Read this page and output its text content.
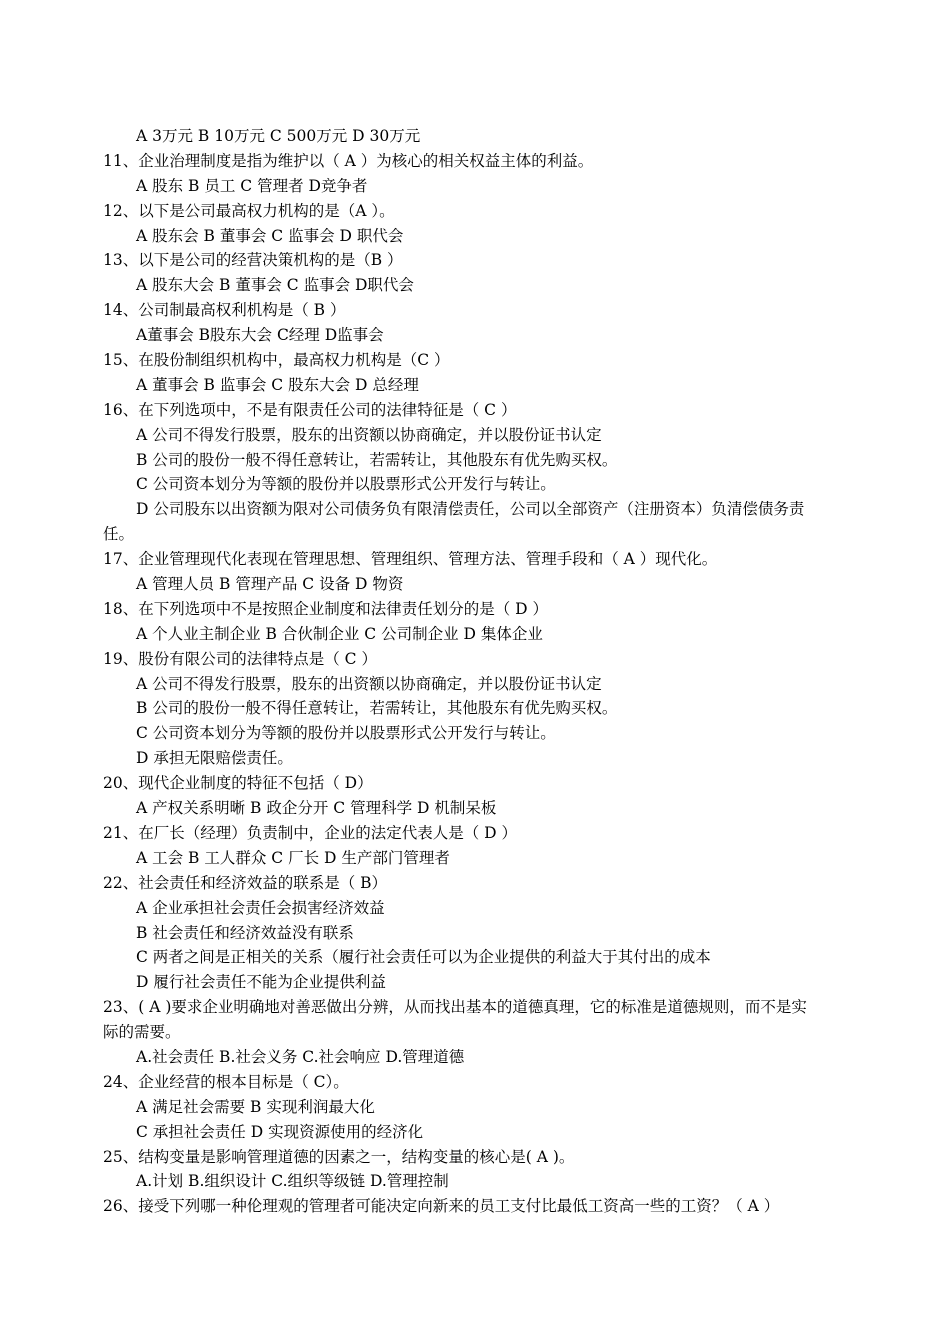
A 3万元 B 10万元 C 500万元 D 30万元
11、企业治理制度是指为维护以（ A ）为核心的相关权益主体的利益。
A 股东 B 员工 C 管理者 D竞争者
12、以下是公司最高权力机构的是（A ）。
A 股东会 B 董事会 C 监事会 D 职代会
13、以下是公司的经营决策机构的是（B ）
A 股东大会 B 董事会 C 监事会 D职代会
14、公司制最高权利机构是（ B ）
A董事会 B股东大会 C经理 D监事会
15、在股份制组织机构中，最高权力机构是（C ）
A 董事会 B 监事会 C 股东大会 D 总经理
16、在下列选项中，不是有限责任公司的法律特征是（ C ）
A 公司不得发行股票，股东的出资额以协商确定，并以股份证书认定
B 公司的股份一般不得任意转让，若需转让，其他股东有优先购买权。
C 公司资本划分为等额的股份并以股票形式公开发行与转让。
D 公司股东以出资额为限对公司债务负有限清偿责任，公司以全部资产（注册资本）负清偿债务责
任。
17、企业管理现代化表现在管理思想、管理组织、管理方法、管理手段和（ A ）现代化。
A 管理人员 B 管理产品 C 设备 D 物资
18、在下列选项中不是按照企业制度和法律责任划分的是（ D ）
A 个人业主制企业 B 合伙制企业 C 公司制企业 D 集体企业
19、股份有限公司的法律特点是（ C ）
A 公司不得发行股票，股东的出资额以协商确定，并以股份证书认定
B 公司的股份一般不得任意转让，若需转让，其他股东有优先购买权。
C 公司资本划分为等额的股份并以股票形式公开发行与转让。
D 承担无限赔偿责任。
20、现代企业制度的特征不包括（ D）
A 产权关系明晰 B 政企分开 C 管理科学 D 机制呆板
21、在厂长（经理）负责制中，企业的法定代表人是（ D ）
A 工会 B 工人群众 C 厂长 D 生产部门管理者
22、社会责任和经济效益的联系是（ B）
A 企业承担社会责任会损害经济效益
B 社会责任和经济效益没有联系
C 两者之间是正相关的关系（履行社会责任可以为企业提供的利益大于其付出的成本
D 履行社会责任不能为企业提供利益
23、( A )要求企业明确地对善恶做出分辨，从而找出基本的道德真理，它的标准是道德规则，而不是实
际的需要。
A.社会责任 B.社会义务 C.社会响应 D.管理道德
24、企业经营的根本目标是（ C）。
A 满足社会需要 B 实现利润最大化
C 承担社会责任 D 实现资源使用的经济化
25、结构变量是影响管理道德的因素之一，结构变量的核心是( A )。
A.计划 B.组织设计 C.组织等级链 D.管理控制
26、接受下列哪一种伦理观的管理者可能决定向新来的员工支付比最低工资高一些的工资？（ A ）
